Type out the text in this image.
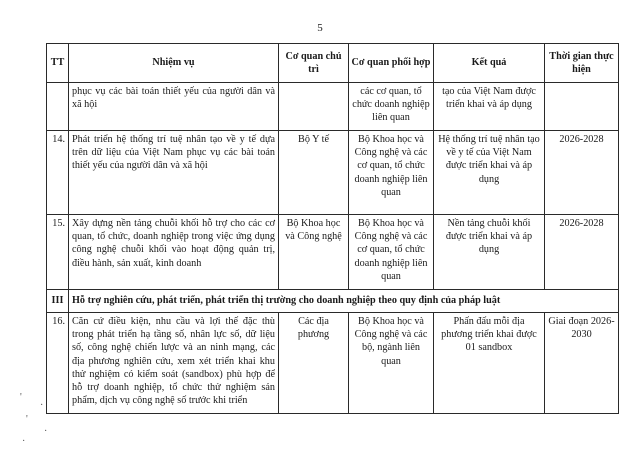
5
TT	Nhiệm vụ	Cơ quan chủ trì	Cơ quan phối hợp	Kết quả	Thời gian thực hiện
	phục vụ các bài toán thiết yếu của người dân và xã hội		các cơ quan, tổ chức doanh nghiệp liên quan	tạo của Việt Nam được triển khai và áp dụng	
14.	Phát triển hệ thống trí tuệ nhân tạo về y tế dựa trên dữ liệu của Việt Nam phục vụ các bài toán thiết yếu của người dân và xã hội	Bộ Y tế	Bộ Khoa học và Công nghệ và các cơ quan, tổ chức doanh nghiệp liên quan	Hệ thống trí tuệ nhân tạo về y tế của Việt Nam được triển khai và áp dụng	2026-2028
15.	Xây dựng nền tảng chuỗi khối hỗ trợ cho các cơ quan, tổ chức, doanh nghiệp trong việc ứng dụng công nghệ chuỗi khối vào hoạt động quản trị, điều hành, sản xuất, kinh doanh	Bộ Khoa học và Công nghệ	Bộ Khoa học và Công nghệ và các cơ quan, tổ chức doanh nghiệp liên quan	Nền tảng chuỗi khối được triển khai và áp dụng	2026-2028
III	Hỗ trợ nghiên cứu, phát triển, phát triển thị trường cho doanh nghiệp theo quy định của pháp luật				
16.	Căn cứ điều kiện, nhu cầu và lợi thế đặc thù trong phát triển hạ tầng số, nhân lực số, dữ liệu số, công nghệ chiến lược và an ninh mạng, các địa phương nghiên cứu, xem xét triển khai khu thử nghiệm có kiểm soát (sandbox) phù hợp để hỗ trợ doanh nghiệp, tổ chức thử nghiệm sản phẩm, dịch vụ công nghệ số trước khi triển	Các địa phương	Bộ Khoa học và Công nghệ và các bộ, ngành liên quan	Phấn đấu mỗi địa phương triển khai được 01 sandbox	Giai đoạn 2026-2030
'
·
'
·
·
